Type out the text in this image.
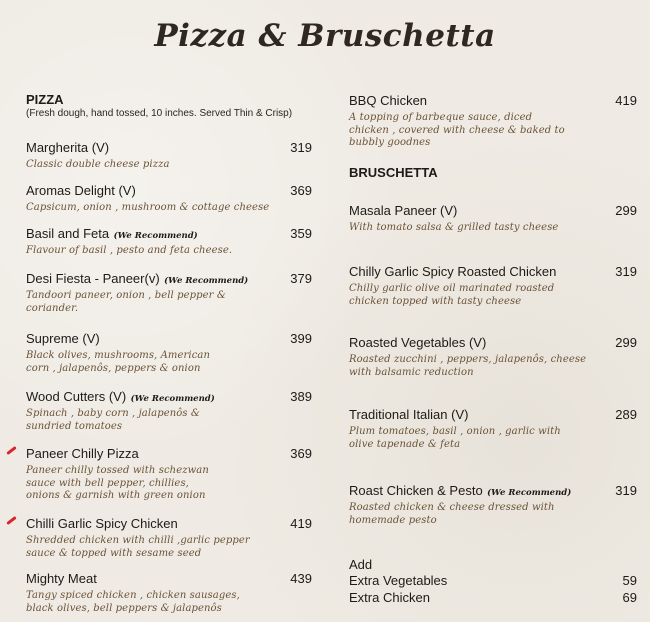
Pizza & Bruschetta
PIZZA
(Fresh dough, hand tossed, 10 inches. Served Thin & Crisp)
Margherita (V)	319
Classic double cheese pizza
Aromas Delight (V)	369
Capsicum, onion , mushroom & cottage cheese
Basil and Feta (We Recommend)	359
Flavour of basil , pesto and feta cheese.
Desi Fiesta - Paneer(v) (We Recommend)	379
Tandoori paneer, onion , bell pepper & coriander.
Supreme (V)	399
Black olives, mushrooms, American corn , jalapenôs, peppers & onion
Wood Cutters (V) (We Recommend)	389
Spinach , baby corn , jalapenôs & sundried tomatoes
Paneer Chilly Pizza	369
Paneer chilly tossed with schezwan sauce with bell pepper, chillies, onions & garnish with green onion
Chilli Garlic Spicy Chicken	419
Shredded chicken with chilli ,garlic pepper sauce & topped with sesame seed
Mighty Meat	439
Tangy spiced chicken , chicken sausages, black olives, bell peppers & jalapenôs
BBQ Chicken	419
A topping of barbeque sauce, diced chicken , covered with cheese & baked to bubbly goodnes
BRUSCHETTA
Masala Paneer (V)	299
With tomato salsa & grilled tasty cheese
Chilly Garlic Spicy Roasted Chicken	319
Chilly garlic olive oil marinated roasted chicken topped with tasty cheese
Roasted Vegetables (V)	299
Roasted zucchini , peppers, jalapenôs, cheese with balsamic reduction
Traditional Italian (V)	289
Plum tomatoes, basil , onion , garlic with olive tapenade & feta
Roast Chicken & Pesto (We Recommend)	319
Roasted chicken & cheese dressed with homemade pesto
Add
Extra Vegetables	59
Extra Chicken	69
